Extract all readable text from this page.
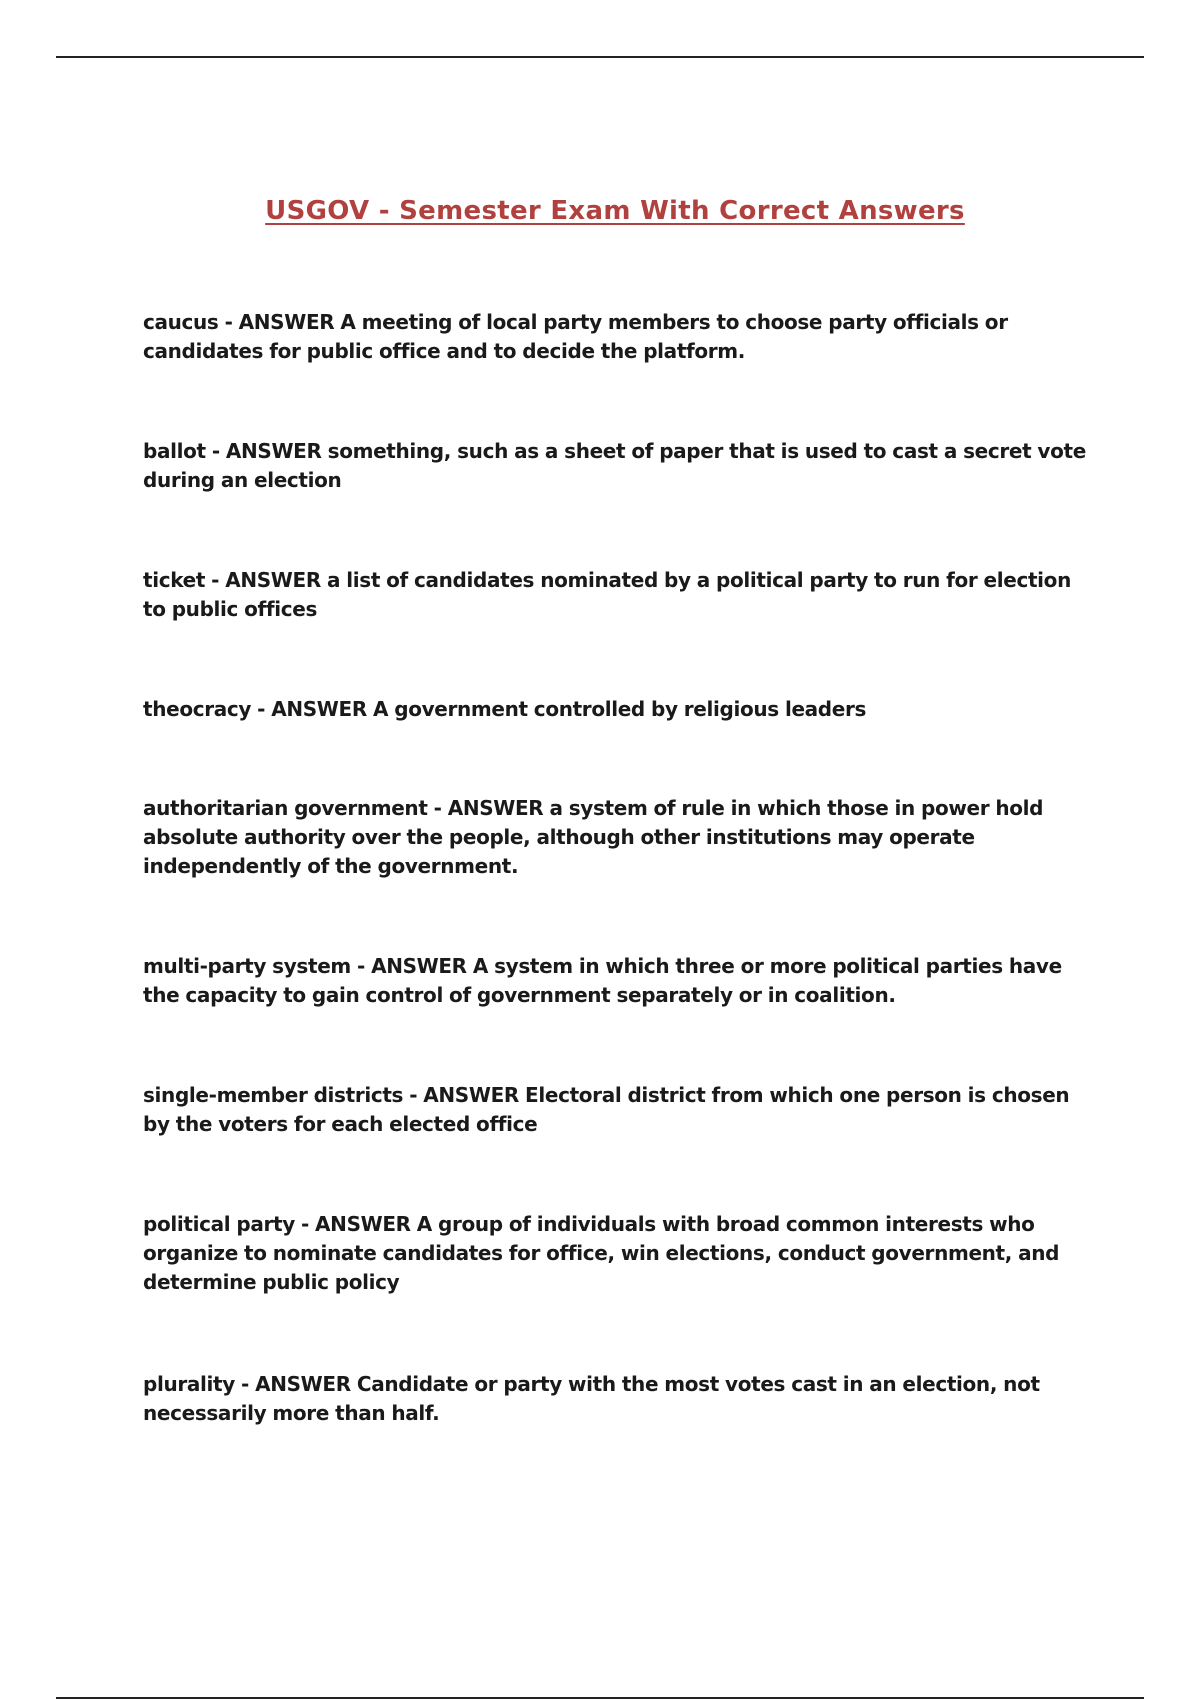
USGOV - Semester Exam With Correct Answers

caucus - ANSWER A meeting of local party members to choose party officials or candidates for public office and to decide the platform.

ballot - ANSWER something, such as a sheet of paper that is used to cast a secret vote during an election

ticket - ANSWER a list of candidates nominated by a political party to run for election to public offices

theocracy - ANSWER A government controlled by religious leaders

authoritarian government - ANSWER a system of rule in which those in power hold absolute authority over the people, although other institutions may operate independently of the government.

multi-party system - ANSWER A system in which three or more political parties have the capacity to gain control of government separately or in coalition.

single-member districts - ANSWER Electoral district from which one person is chosen by the voters for each elected office

political party - ANSWER A group of individuals with broad common interests who organize to nominate candidates for office, win elections, conduct government, and determine public policy

plurality - ANSWER Candidate or party with the most votes cast in an election, not necessarily more than half.
